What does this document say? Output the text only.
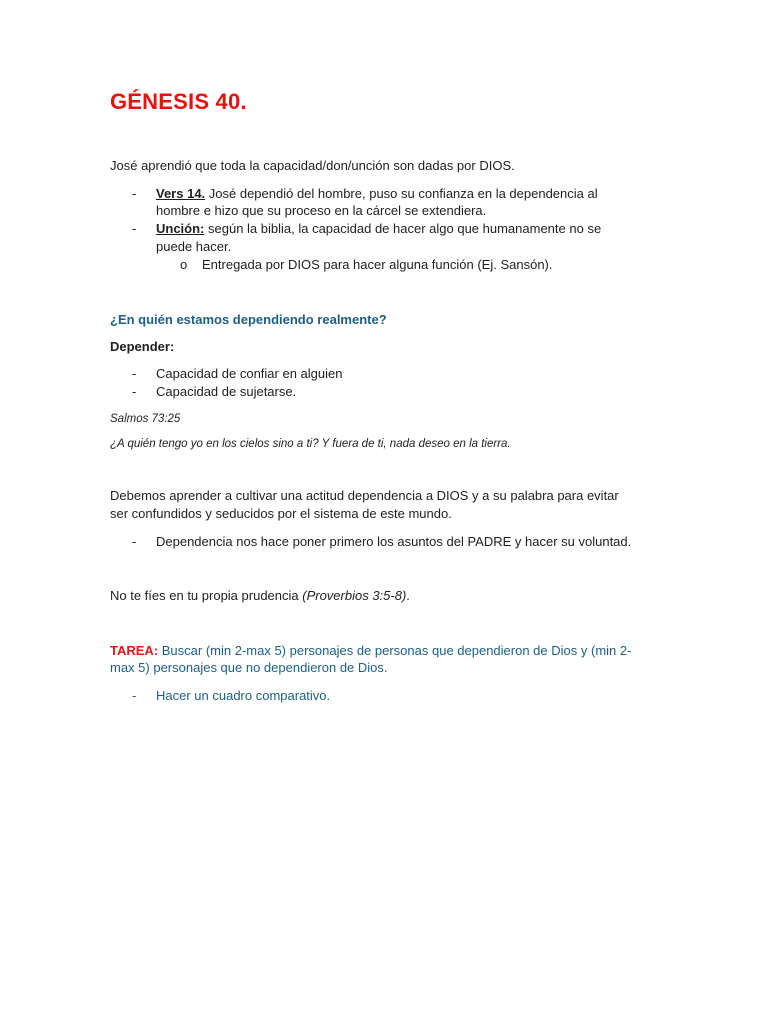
GÉNESIS 40.
José aprendió que toda la capacidad/don/unción son dadas por DIOS.
- Vers 14. José dependió del hombre, puso su confianza en la dependencia al
hombre e hizo que su proceso en la cárcel se extendiera.
- Unción: según la biblia, la capacidad de hacer algo que humanamente no se
puede hacer.
o Entregada por DIOS para hacer alguna función (Ej. Sansón).
¿En quién estamos dependiendo realmente?
Depender:
- Capacidad de confiar en alguien
- Capacidad de sujetarse.
Salmos 73:25
¿A quién tengo yo en los cielos sino a ti? Y fuera de ti, nada deseo en la tierra.
Debemos aprender a cultivar una actitud dependencia a DIOS y a su palabra para evitar
ser confundidos y seducidos por el sistema de este mundo.
- Dependencia nos hace poner primero los asuntos del PADRE y hacer su voluntad.
No te fíes en tu propia prudencia (Proverbios 3:5-8).
TAREA: Buscar (min 2-max 5) personajes de personas que dependieron de Dios y (min 2-
max 5) personajes que no dependieron de Dios.
- Hacer un cuadro comparativo.
